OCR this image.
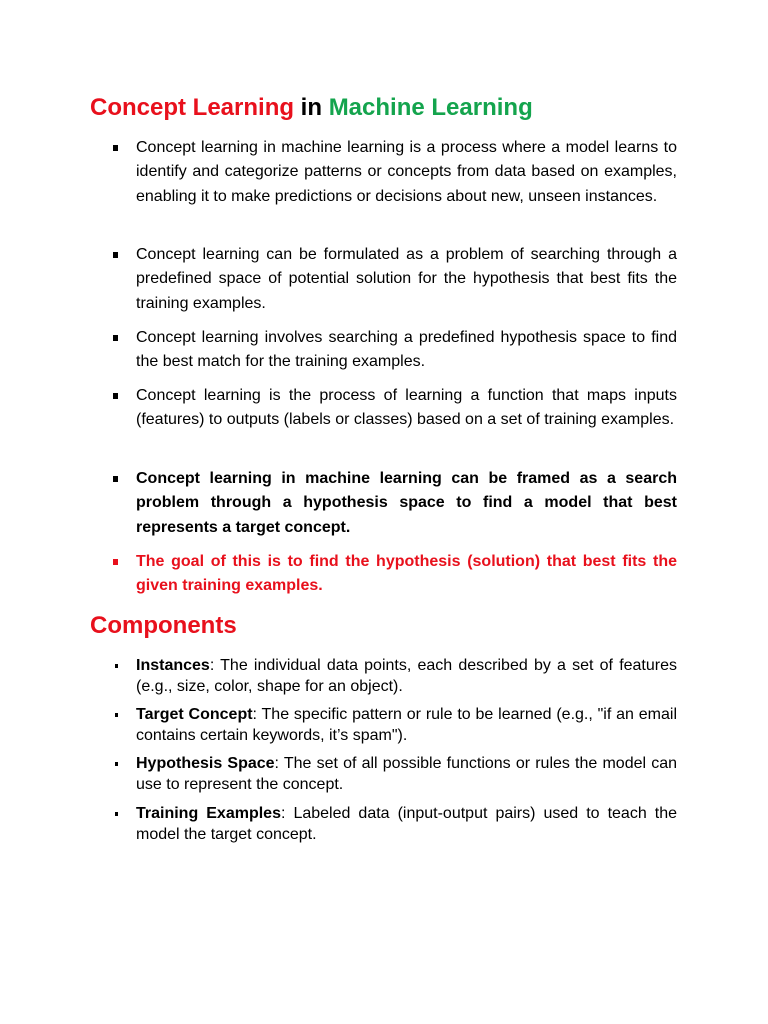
Concept Learning in Machine Learning
Concept learning in machine learning is a process where a model learns to identify and categorize patterns or concepts from data based on examples, enabling it to make predictions or decisions about new, unseen instances.
Concept learning can be formulated as a problem of searching through a predefined space of potential solution for the hypothesis that best fits the training examples.
Concept learning involves searching a predefined hypothesis space to find the best match for the training examples.
Concept learning is the process of learning a function that maps inputs (features) to outputs (labels or classes) based on a set of training examples.
Concept learning in machine learning can be framed as a search problem through a hypothesis space to find a model that best represents a target concept.
The goal of this is to find the hypothesis (solution) that best fits the given training examples.
Components
Instances: The individual data points, each described by a set of features (e.g., size, color, shape for an object).
Target Concept: The specific pattern or rule to be learned (e.g., "if an email contains certain keywords, it’s spam").
Hypothesis Space: The set of all possible functions or rules the model can use to represent the concept.
Training Examples: Labeled data (input-output pairs) used to teach the model the target concept.
